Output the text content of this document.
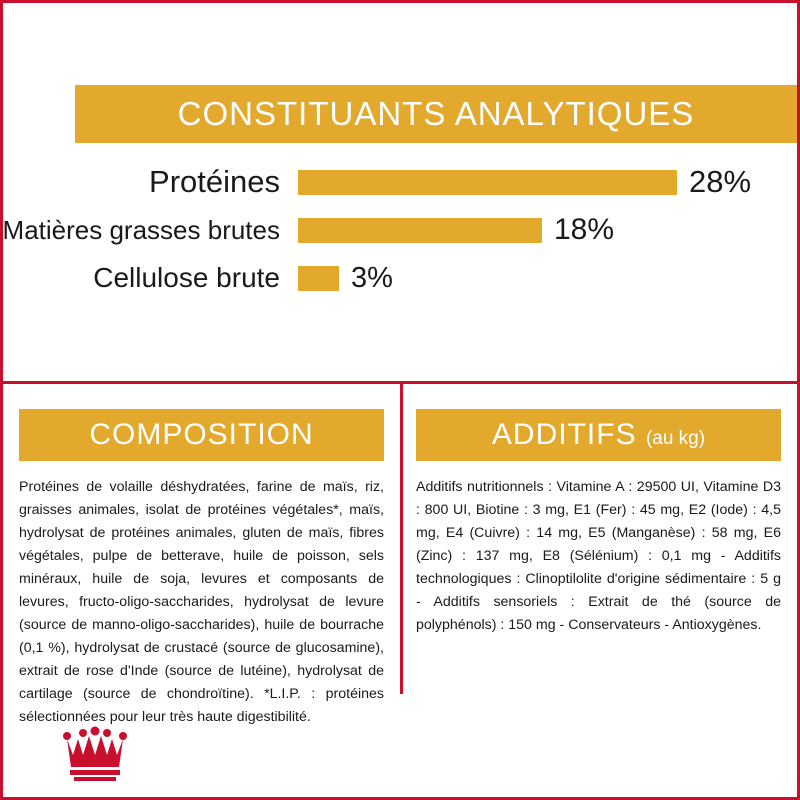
CONSTITUANTS ANALYTIQUES
Protéines	28%
Matières grasses brutes	18%
Cellulose brute 3%
COMPOSITION
Protéines de volaille déshydratées, farine de maïs, riz, graisses animales, isolat de protéines végétales*, maïs, hydrolysat de protéines animales, gluten de maïs, fibres végétales, pulpe de betterave, huile de poisson, sels minéraux, huile de soja, levures et composants de levures, fructo-oligo-saccharides, hydrolysat de levure (source de manno-oligo-saccharides), huile de bourrache (0,1 %), hydrolysat de crustacé (source de glucosamine), extrait de rose d'Inde (source de lutéine), hydrolysat de cartilage (source de chondroïtine). *L.I.P. : protéines sélectionnées pour leur très haute digestibilité.
ADDITIFS (au kg)
Additifs nutritionnels : Vitamine A : 29500 UI, Vitamine D3 : 800 UI, Biotine : 3 mg, E1 (Fer) : 45 mg, E2 (Iode) : 4,5 mg, E4 (Cuivre) : 14 mg, E5 (Manganèse) : 58 mg, E6 (Zinc) : 137 mg, E8 (Sélénium) : 0,1 mg - Additifs technologiques : Clinoptilolite d'origine sédimentaire : 5 g - Additifs sensoriels : Extrait de thé (source de polyphénols) : 150 mg - Conservateurs - Antioxygènes.
